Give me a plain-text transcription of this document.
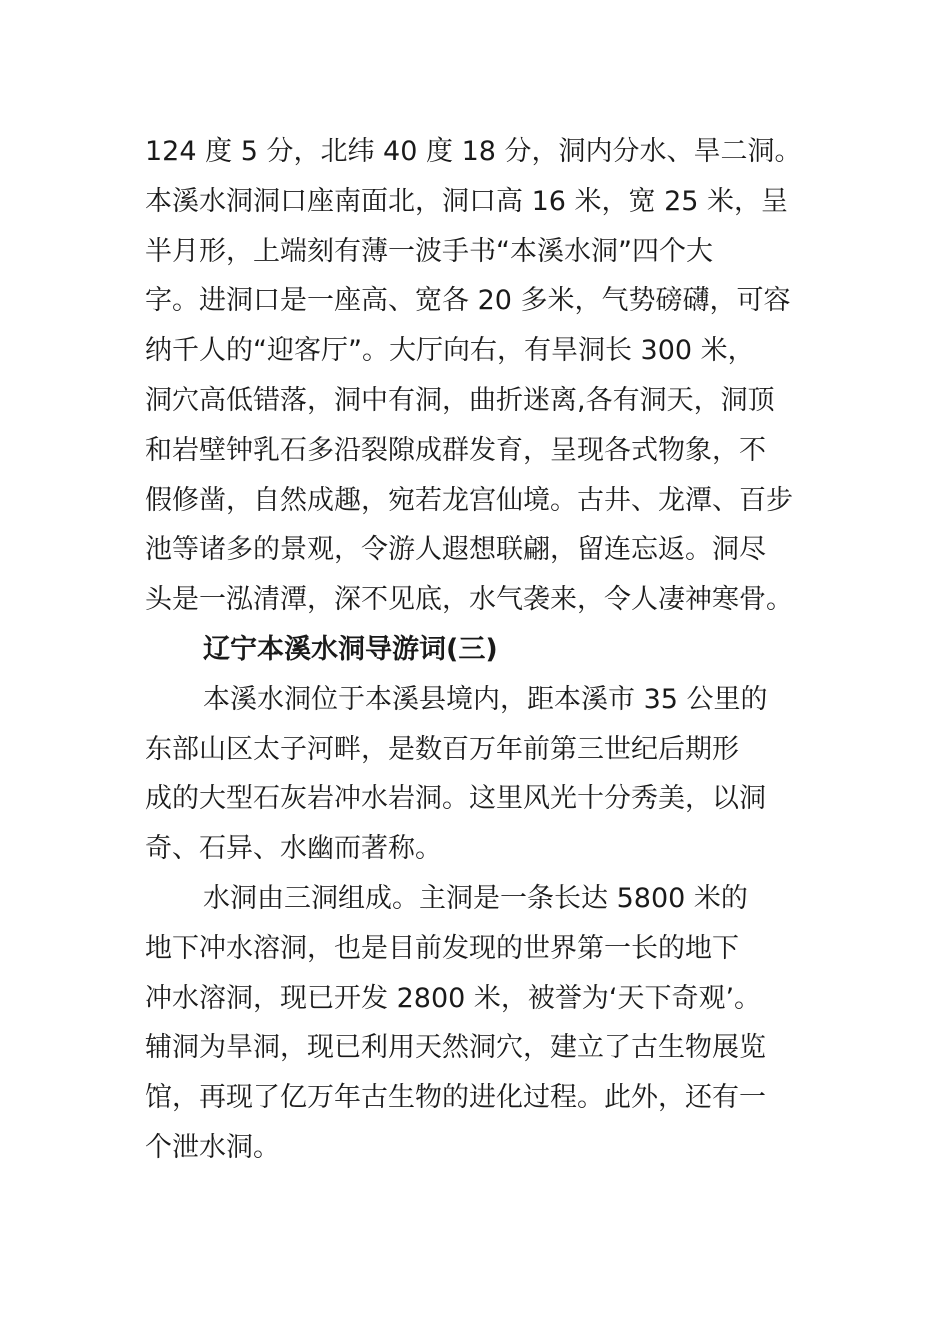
124 度 5 分，北纬 40 度 18 分，洞内分水、旱二洞。
本溪水洞洞口座南面北，洞口高 16 米，宽 25 米，呈
半月形，上端刻有薄一波手书“本溪水洞”四个大
字。进洞口是一座高、宽各 20 多米，气势磅礴，可容
纳千人的“迎客厅”。大厅向右，有旱洞长 300 米，
洞穴高低错落，洞中有洞，曲折迷离,各有洞天，洞顶
和岩壁钟乳石多沿裂隙成群发育，呈现各式物象，不
假修凿，自然成趣，宛若龙宫仙境。古井、龙潭、百步
池等诸多的景观，令游人遐想联翩，留连忘返。洞尽
头是一泓清潭，深不见底，水气袭来，令人凄神寒骨。
辽宁本溪水洞导游词(三)
本溪水洞位于本溪县境内，距本溪市 35 公里的
东部山区太子河畔，是数百万年前第三世纪后期形
成的大型石灰岩冲水岩洞。这里风光十分秀美，以洞
奇、石异、水幽而著称。
水洞由三洞组成。主洞是一条长达 5800 米的
地下冲水溶洞，也是目前发现的世界第一长的地下
冲水溶洞，现已开发 2800 米，被誉为‘天下奇观’。
辅洞为旱洞，现已利用天然洞穴，建立了古生物展览
馆，再现了亿万年古生物的进化过程。此外，还有一
个泄水洞。
